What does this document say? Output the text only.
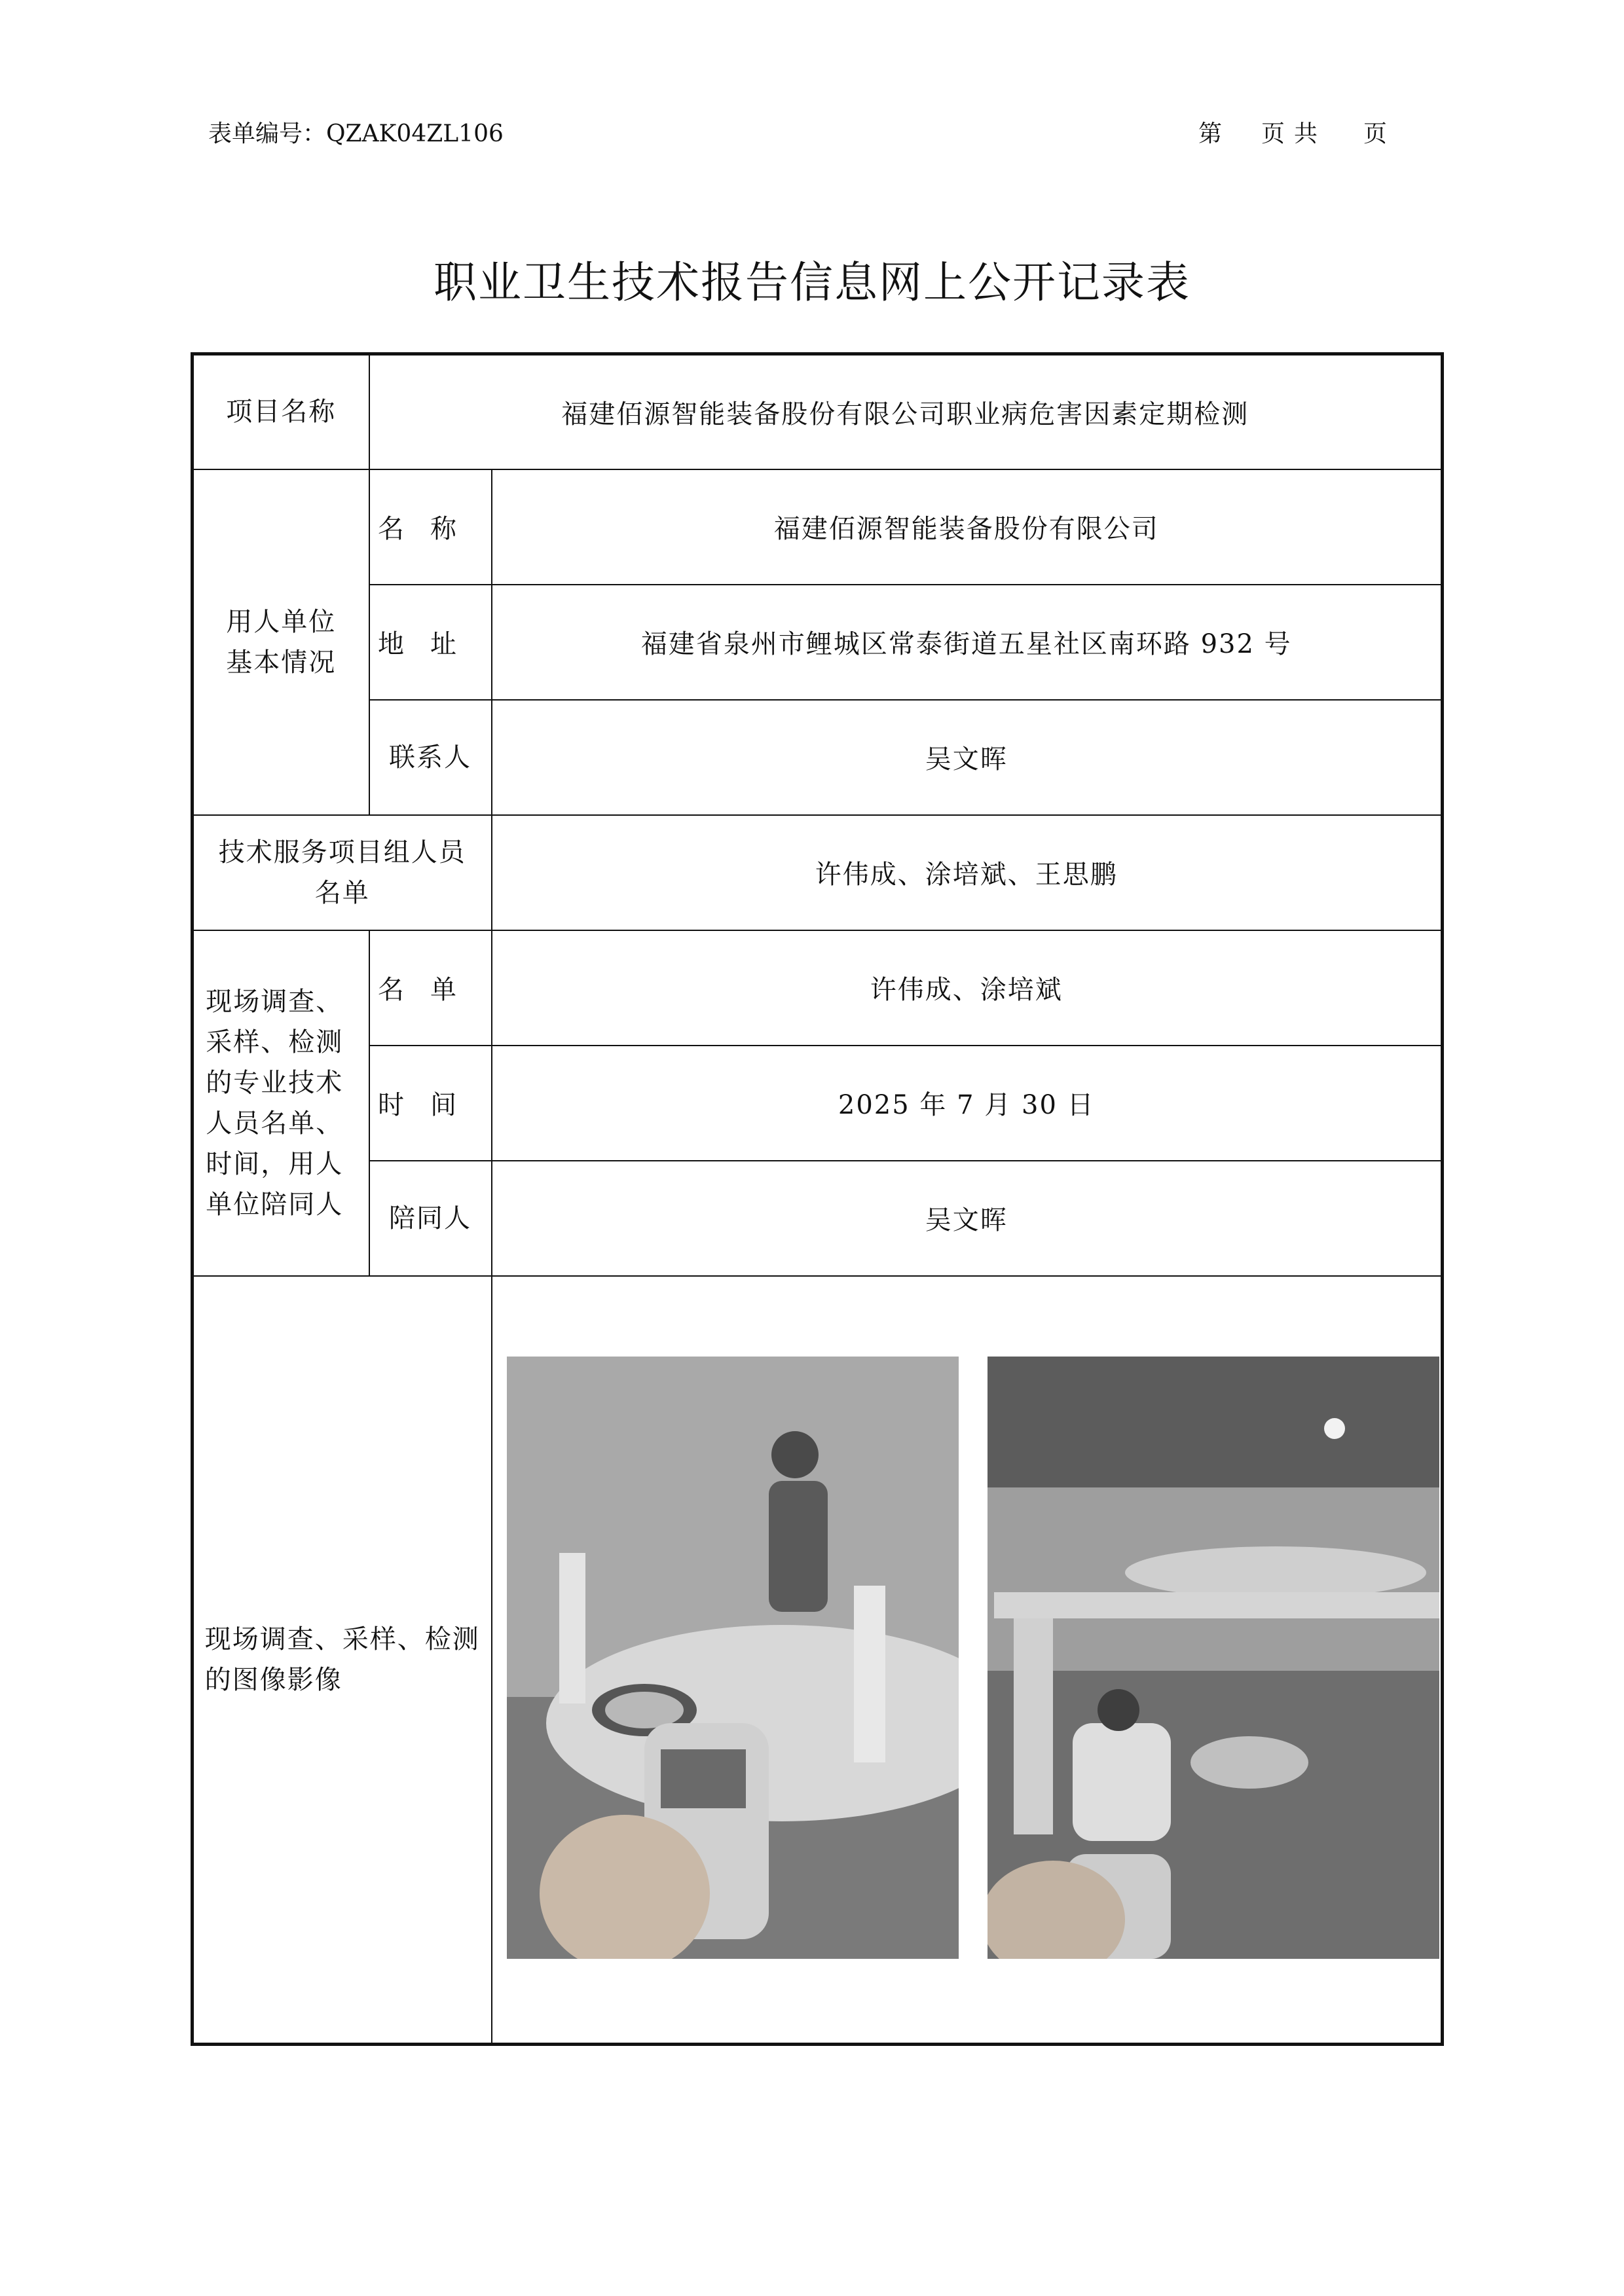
表单编号：QZAK04ZL106	第 页 共 页
职业卫生技术报告信息网上公开记录表
项目名称	福建佰源智能装备股份有限公司职业病危害因素定期检测	

用人单位基本情况	名称	福建佰源智能装备股份有限公司
	地址	福建省泉州市鲤城区常泰街道五星社区南环路 932 号
	联系人	吴文晖

技术服务项目组人员名单		许伟成、涂培斌、王思鹏

现场调查、采样、检测的专业技术人员名单、时间，用人单位陪同人	名单	许伟成、涂培斌
	时间	2025 年 7 月 30 日
	陪同人	吴文晖

现场调查、采样、检测的图像影像
